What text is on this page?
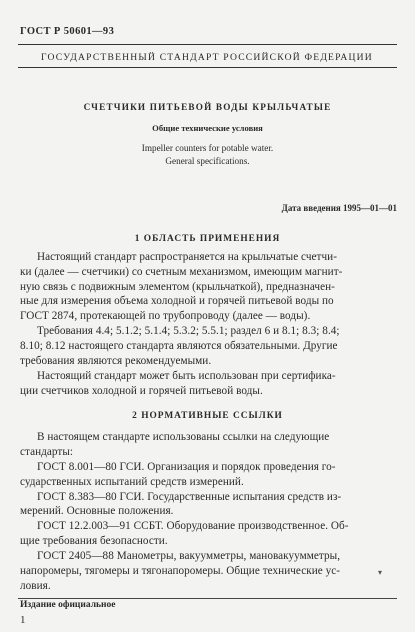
ГОСТ Р 50601—93
ГОСУДАРСТВЕННЫЙ СТАНДАРТ РОССИЙСКОЙ ФЕДЕРАЦИИ
СЧЕТЧИКИ ПИТЬЕВОЙ ВОДЫ КРЫЛЬЧАТЫЕ
Общие технические условия
Impeller counters for potable water.
General specifications.
Дата введения 1995—01—01
1 ОБЛАСТЬ ПРИМЕНЕНИЯ
Настоящий стандарт распространяется на крыльчатые счетчи-
ки (далее — счетчики) со счетным механизмом, имеющим магнит-
ную связь с подвижным элементом (крыльчаткой), предназначен-
ные для измерения объема холодной и горячей питьевой воды по
ГОСТ 2874, протекающей по трубопроводу (далее — воды).
Требования 4.4; 5.1.2; 5.1.4; 5.3.2; 5.5.1; раздел 6 и 8.1; 8.3; 8.4;
8.10; 8.12 настоящего стандарта являются обязательными. Другие
требования являются рекомендуемыми.
Настоящий стандарт может быть использован при сертифика-
ции счетчиков холодной и горячей питьевой воды.
2 НОРМАТИВНЫЕ ССЫЛКИ
В настоящем стандарте использованы ссылки на следующие
стандарты:
ГОСТ 8.001—80 ГСИ. Организация и порядок проведения го-
сударственных испытаний средств измерений.
ГОСТ 8.383—80 ГСИ. Государственные испытания средств из-
мерений. Основные положения.
ГОСТ 12.2.003—91 ССБТ. Оборудование производственное. Об-
щие требования безопасности.
ГОСТ 2405—88 Манометры, вакуумметры, мановакуумметры,
напоромеры, тягомеры и тягонапоромеры. Общие технические ус-
ловия.
▾
Издание официальное
1
